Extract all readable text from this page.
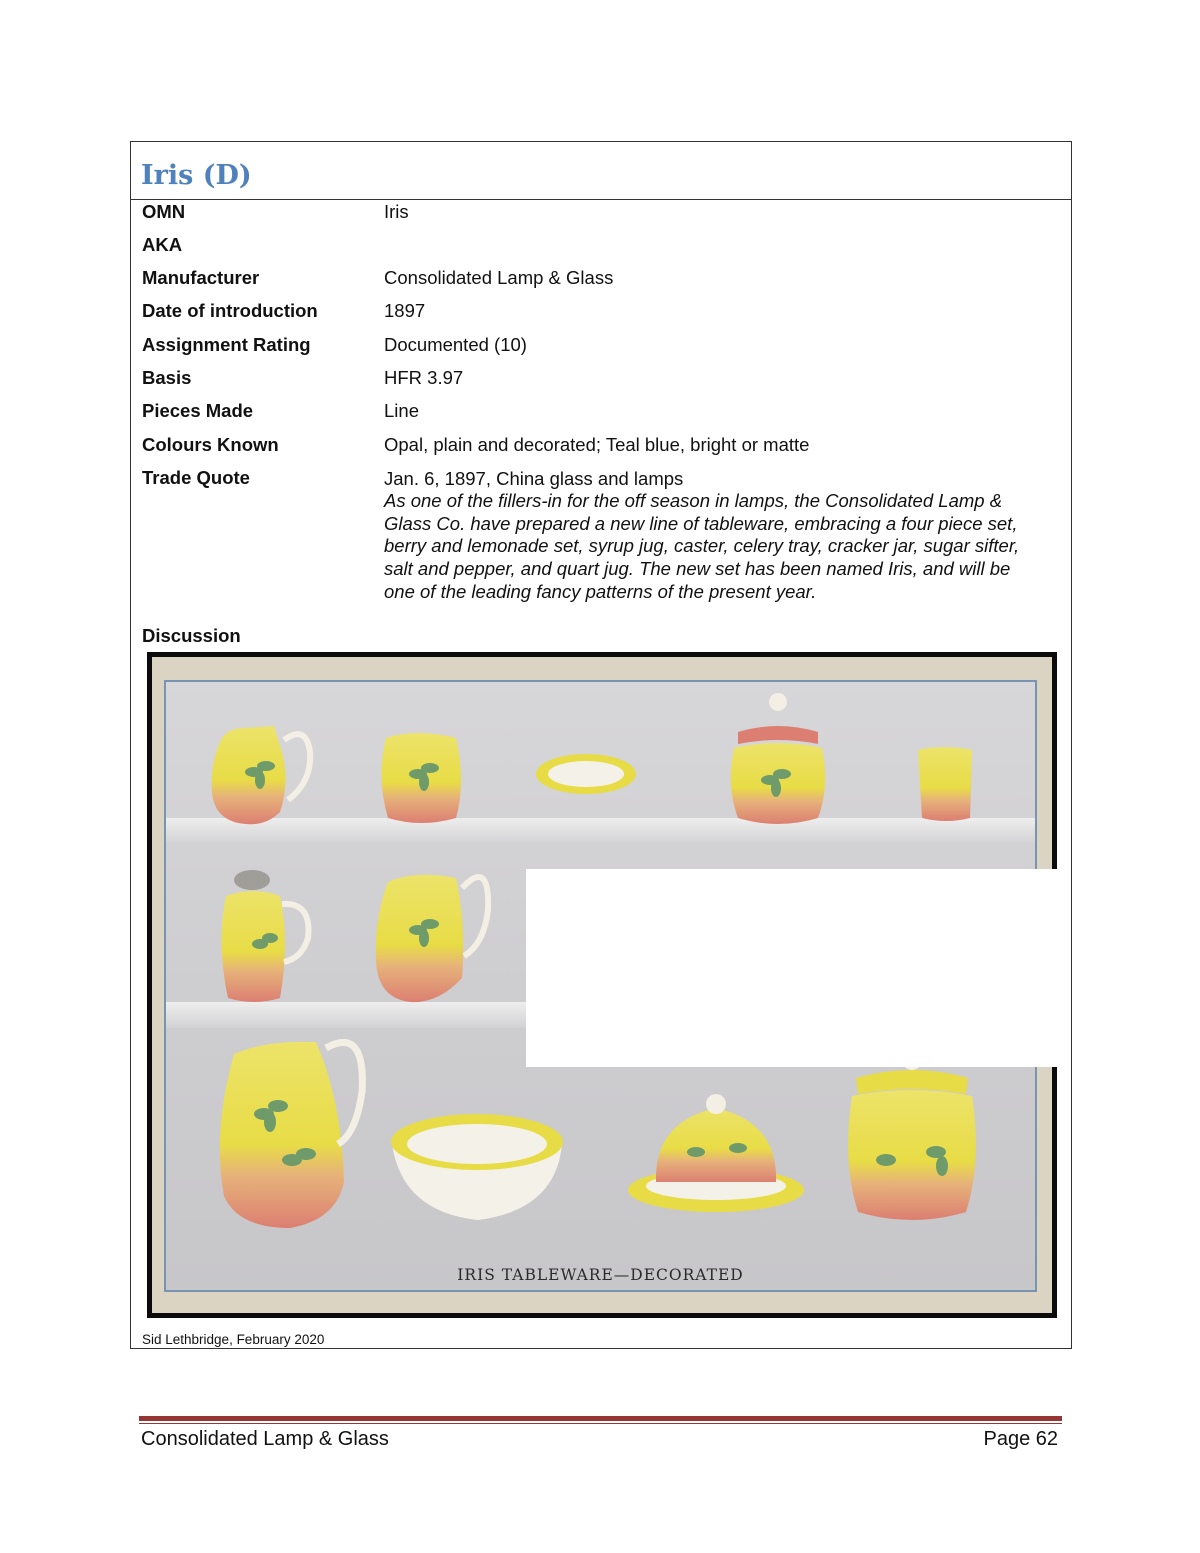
Iris (D)
OMN	Iris
AKA
Manufacturer	Consolidated Lamp & Glass
Date of introduction	1897
Assignment Rating	Documented (10)
Basis	HFR 3.97
Pieces Made	Line
Colours Known	Opal, plain and decorated; Teal blue, bright or matte
Trade Quote	Jan. 6, 1897, China glass and lamps
As one of the fillers-in for the off season in lamps, the Consolidated Lamp & Glass Co. have prepared a new line of tableware, embracing a four piece set, berry and lemonade set, syrup jug, caster, celery tray, cracker jar, sugar sifter, salt and pepper, and quart jug. The new set has been named Iris, and will be one of the leading fancy patterns of the present year.
Discussion
IRIS TABLEWARE—DECORATED
Sid Lethbridge, February 2020
Consolidated Lamp & Glass	Page 62
